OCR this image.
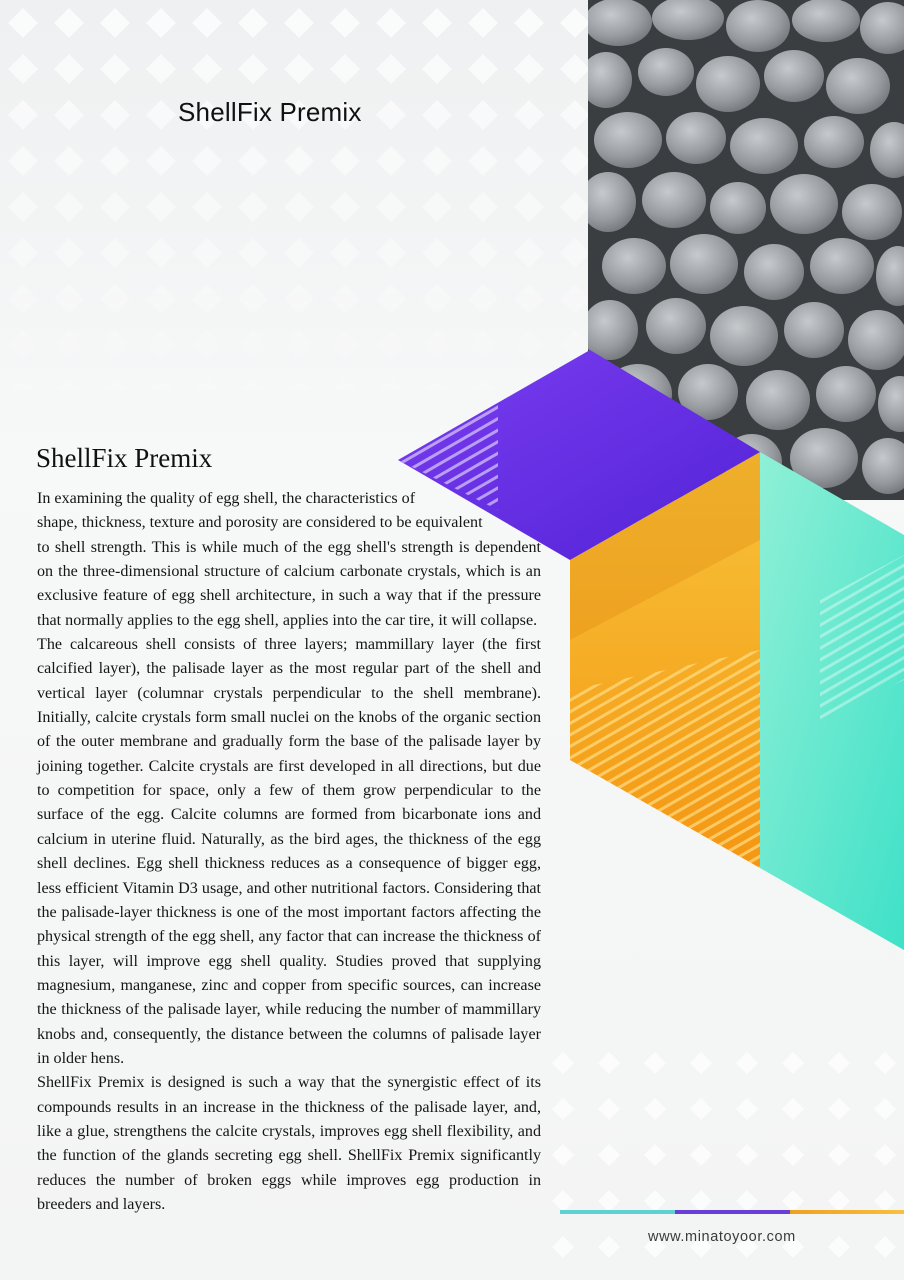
ShellFix Premix
ShellFix Premix

In examining the quality of egg shell, the characteristics of
shape, thickness, texture and porosity are considered to be equivalent
to shell strength. This is while much of the egg shell's strength is dependent on the three-dimensional structure of calcium carbonate crystals, which is an exclusive feature of egg shell architecture, in such a way that if the pressure that normally applies to the egg shell, applies into the car tire, it will collapse.

The calcareous shell consists of three layers; mammillary layer (the first calcified layer), the palisade layer as the most regular part of the shell and vertical layer (columnar crystals perpendicular to the shell membrane). Initially, calcite crystals form small nuclei on the knobs of the organic section of the outer membrane and gradually form the base of the palisade layer by joining together. Calcite crystals are first developed in all directions, but due to competition for space, only a few of them grow perpendicular to the surface of the egg. Calcite columns are formed from bicarbonate ions and calcium in uterine fluid. Naturally, as the bird ages, the thickness of the egg shell declines. Egg shell thickness reduces as a consequence of bigger egg, less efficient Vitamin D3 usage, and other nutritional factors. Considering that the palisade-layer thickness is one of the most important factors affecting the physical strength of the egg shell, any factor that can increase the thickness of this layer, will improve egg shell quality. Studies proved that supplying magnesium, manganese, zinc and copper from specific sources, can increase the thickness of the palisade layer, while reducing the number of mammillary knobs and, consequently, the distance between the columns of palisade layer in older hens.

ShellFix Premix is designed is such a way that the synergistic effect of its compounds results in an increase in the thickness of the palisade layer, and, like a glue, strengthens the calcite crystals, improves egg shell flexibility, and the function of the glands secreting egg shell. ShellFix Premix significantly reduces the number of broken eggs while improves egg production in breeders and layers.

www.minatoyoor.com
